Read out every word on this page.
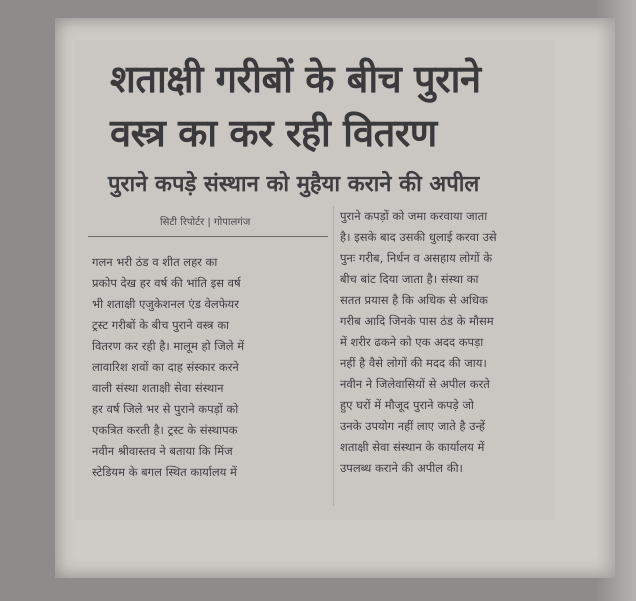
शताक्षी गरीबों के बीच पुराने
वस्त्र का कर रही वितरण
पुराने कपड़े संस्थान को मुहैया कराने की अपील
सिटी रिपोर्टर | गोपालगंज
गलन भरी ठंड व शीत लहर का
प्रकोप देख हर वर्ष की भांति इस वर्ष
भी शताक्षी एजुकेशनल एंड वेलफेयर
ट्रस्ट गरीबों के बीच पुराने वस्त्र का
वितरण कर रही है। मालूम हो जिले में
लावारिश शवों का दाह संस्कार करने
वाली संस्था शताक्षी सेवा संस्थान
हर वर्ष जिले भर से पुराने कपड़ों को
एकत्रित करती है। ट्रस्ट के संस्थापक
नवीन श्रीवास्तव ने बताया कि मिंज
स्टेडियम के बगल स्थित कार्यालय में
पुराने कपड़ों को जमा करवाया जाता
है। इसके बाद उसकी धुलाई करवा उसे
पुनः गरीब, निर्धन व असहाय लोगों के
बीच बांट दिया जाता है। संस्था का
सतत प्रयास है कि अधिक से अधिक
गरीब आदि जिनके पास ठंड के मौसम
में शरीर ढकने को एक अदद कपड़ा
नहीं है वैसे लोगों की मदद की जाय।
नवीन ने जिलेवासियों से अपील करते
हुए घरों में मौजूद पुराने कपड़े जो
उनके उपयोग नहीं लाए जाते है उन्हें
शताक्षी सेवा संस्थान के कार्यालय में
उपलब्ध कराने की अपील की।
